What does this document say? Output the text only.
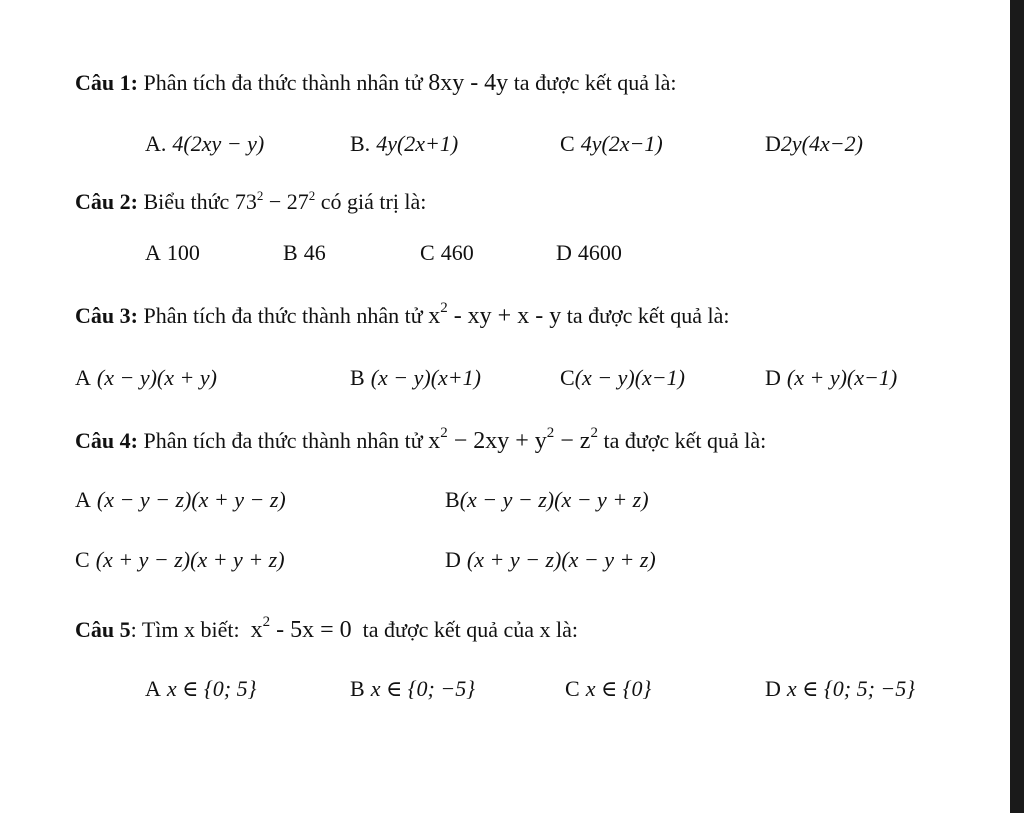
Câu 1: Phân tích đa thức thành nhân tử 8xy - 4y ta được kết quả là:
A. 4(2xy − y)	B. 4y(2x+1)	C 4y(2x−1)	D2y(4x−2)
Câu 2: Biểu thức $73^2 - 27^2$ có giá trị là:
A 100	B 46	C 460	D 4600
Câu 3: Phân tích đa thức thành nhân tử $x^2$ - xy + x - y ta được kết quả là:
A (x − y)(x + y)	B (x − y)(x+1)	C(x − y)(x−1)	D (x + y)(x−1)
Câu 4: Phân tích đa thức thành nhân tử $x^2 - 2xy + y^2 - z^2$ ta được kết quả là:
A (x − y − z)(x + y − z)	B(x − y − z)(x − y + z)
C (x + y − z)(x + y + z)	D (x + y − z)(x − y + z)
Câu 5: Tìm x biết: $x^2 - 5x = 0$ ta được kết quả của x là:
A x ∈ {0; 5}	B x ∈ {0; −5}	C x ∈ {0}	D x ∈ {0; 5; −5}
